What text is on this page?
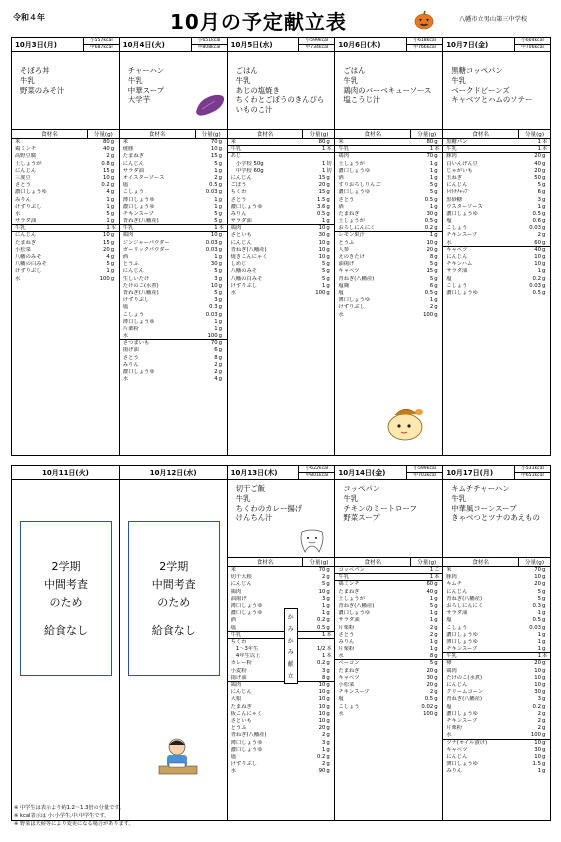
令和４年	10月の予定献立表	八幡市立男山第三中学校
10月3日(月)	小557kcal
中687kcal
そぼろ丼
牛乳
野菜のみそ汁
食材名	分量(g)
米	80 g
鶏ミンチ	40 g
高野豆腐	2 g
土しょうが	0.8 g
にんじん	15 g
三度豆	10 g
さとう	0.2 g
濃口しょうゆ	4 g
みりん	1 g
けずりぶし	1 g
水	5 g
サラダ油	1 g
牛乳	1 本
にんじん	10 g
たまねぎ	15 g
小松菜	20 g
八幡のみそ	4 g
八幡の白みそ	5 g
けずりぶし	1 g
水	100 g
10月4日(火)	小651kcal
中808kcal
チャーハン
牛乳
中華スープ
大学芋
食材名	分量(g)
米	70 g
焼豚	10 g
たまねぎ	15 g
にんじん	5 g
サラダ油	1 g
オイスターソース	2 g
塩	0.5 g
こしょう	0.03 g
薄口しょうゆ	1 g
濃口しょうゆ	1 g
チキンスープ	5 g
青ねぎ(八幡産)	5 g
牛乳	1 本
鶏肉	10 g
ジンジャーパウダー	0.03 g
ガーリックパウダー	0.03 g
酒	1 g
とうふ	30 g
にんじん	5 g
生しいたけ	3 g
たけのこ(水煮)	10 g
青ねぎ(八幡産)	5 g
けずりぶし	3 g
塩	0.3 g
こしょう	0.03 g
薄口しょうゆ	1 g
片栗粉	1 g
水	100 g
さつまいも	70 g
揚げ油	6 g
さとう	8 g
みりん	2 g
濃口しょうゆ	2 g
水	4 g
10月5日(水)	小599kcal
中734kcal
ごはん
牛乳
あじの塩焼き
ちくわとごぼうのきんぴら
いものこ汁
食材名	分量(g)
米	80 g
牛乳	1 本
あじ
　小学校 50g	1 切
　中学校 60g	1 切
にんじん	15 g
ごぼう	20 g
ちくわ	15 g
さとう	1.5 g
濃口しょうゆ	3.6 g
みりん	0.5 g
サラダ油	1 g
鶏肉	10 g
さといも	30 g
にんじん	10 g
青ねぎ(八幡産)	10 g
焼きこんにゃく	10 g
しめじ	5 g
八幡のみそ	5 g
八幡の白みそ	5 g
けずりぶし	1 g
水	100 g
10月6日(木)	小618kcal
中766kcal
ごはん
牛乳
鶏肉のバーベキューソース
塩こうじ汁
食材名	分量(g)
米	80 g
牛乳	1 本
鶏肉	70 g
土しょうが	1 g
濃口しょうゆ	1 g
酒	1 g
すりおろしりんご	5 g
濃口しょうゆ	5 g
さとう	0.5 g
酒	1 g
たまねぎ	30 g
土しょうが	0.5 g
おろしにんにく	0.2 g
レモン果汁	1 g
とうふ	10 g
人参	20 g
えのきたけ	8 g
油揚げ	5 g
キャベツ	15 g
青ねぎ(八幡産)	5 g
塩麹	6 g
塩	0.5 g
薄口しょうゆ	1 g
けずりぶし	2 g
水	100 g
10月7日(金)	小604kcal
中706kcal
黒糖コッペパン
牛乳
ベークドビーンズ
キャベツとハムのソテー
食材名	分量(g)
黒糖パン	1 本
牛乳	1 本
豚肉	20 g
白いんげん豆	40 g
じゃがいも	20 g
玉ねぎ	50 g
にんじん	5 g
ﾄﾏﾄｹﾁｬｯﾌﾟ	6 g
黒砂糖	3 g
ウスターソース	1 g
濃口しょうゆ	0.5 g
塩	0.6 g
こしょう	0.03 g
チキンスープ	2 g
水	60 g
キャベツ	40 g
にんじん	10 g
チキンハム	10 g
サラダ油	1 g
塩	0.2 g
こしょう	0.03 g
濃口しょうゆ	0.5 g
10月11日(火)
2学期
中間考査
のため
給食なし
10月12日(水)
2学期
中間考査
のため
給食なし
10月13日(木)	小622kcal
中801kcal
切干ご飯
牛乳
ちくわのカレー揚げ
けんちん汁
食材名	分量(g)
米	70 g
切干大根	2 g
にんじん	5 g
鶏肉	10 g
油揚げ	3 g
薄口しょうゆ	1 g
濃口しょうゆ	1 g
酒	0.2 g
塩	0.5 g
牛乳	1 本
ちくわ
　1～3年生	1/2 本
　4年生以上	1 本
カレー粉	0.2 g
小麦粉	3 g
揚げ油	8 g
鶏肉	10 g
にんじん	10 g
大根	10 g
たまねぎ	10 g
板こんにゃく	10 g
さといも	10 g
とうふ	20 g
青ねぎ(八幡産)	2 g
薄口しょうゆ	3 g
濃口しょうゆ	1 g
塩	0.2 g
けずりぶし	2 g
水	90 g
か
み
か
み
献
立
10月14日(金)	小599kcal
中703kcal
コッペパン
牛乳
チキンのミートローフ
野菜スープ
食材名	分量(g)
コッペパン	1 こ
牛乳	1 本
鶏ミンチ	60 g
たまねぎ	40 g
土しょうが	1 g
青ねぎ(八幡産)	5 g
濃口しょうゆ	1 g
サラダ油	1 g
片栗粉	2 g
さとう	2 g
みりん	1 g
片栗粉	1 g
水	8 g
ベーコン	5 g
たまねぎ	20 g
キャベツ	30 g
小松菜	20 g
チキンスープ	2 g
塩	0.5 g
こしょう	0.02 g
水	100 g
10月17日(月)	小531kcal
中651kcal
キムチチャーハン
牛乳
中華風コーンスープ
きゃべつとツナのあえもの
食材名	分量(g)
米	70 g
豚肉	10 g
キムチ	20 g
にんじん	5 g
青ねぎ(八幡産)	5 g
おろしにんにく	0.3 g
サラダ油	1 g
塩	0.5 g
こしょう	0.03 g
濃口しょうゆ	1 g
薄口しょうゆ	1 g
チキンスープ	1 g
牛乳	1 本
卵	20 g
鶏肉	10 g
たけのこ(水煮)	10 g
にんじん	10 g
クリームコーン	30 g
青ねぎ(八幡産)	3 g
塩	0.2 g
濃口しょうゆ	2 g
チキンスープ	2 g
片栗粉	2 g
水	100 g
ツナ(オイル漬け)	10 g
キャベツ	30 g
にんじん	10 g
薄口しょうゆ	1.5 g
みりん	1 g
※ 中学生は表示より約1.2～1.3倍の分量です。
※ kcal表示は 小:小学生,中:中学生です。
※ 野菜は天候等により変更になる場合があります。
